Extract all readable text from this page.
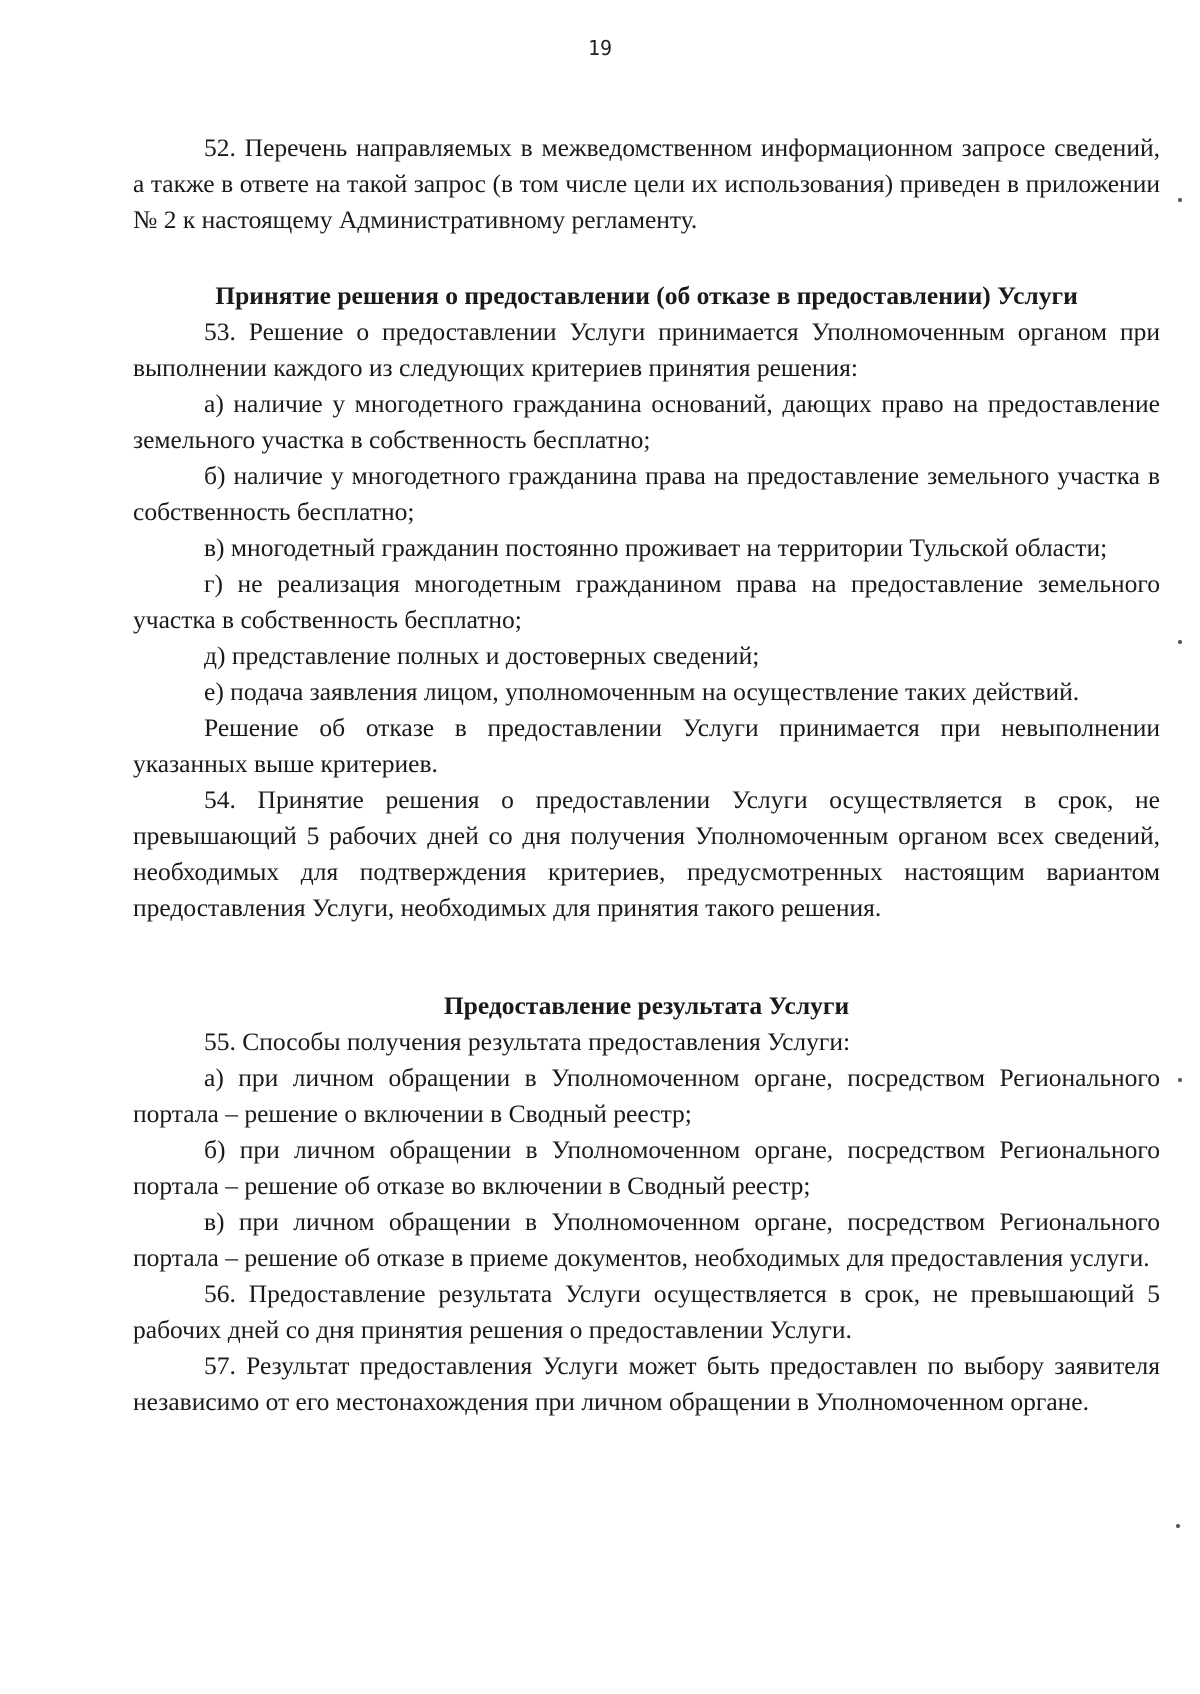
19

52. Перечень направляемых в межведомственном информационном запросе сведений, а также в ответе на такой запрос (в том числе цели их использования) приведен в приложении № 2 к настоящему Административному регламенту.

Принятие решения о предоставлении (об отказе в предоставлении) Услуги

53. Решение о предоставлении Услуги принимается Уполномоченным органом при выполнении каждого из следующих критериев принятия решения:

а) наличие у многодетного гражданина оснований, дающих право на предоставление земельного участка в собственность бесплатно;

б) наличие у многодетного гражданина права на предоставление земельного участка в собственность бесплатно;

в) многодетный гражданин постоянно проживает на территории Тульской области;

г) не реализация многодетным гражданином права на предоставление земельного участка в собственность бесплатно;

д) представление полных и достоверных сведений;

е) подача заявления лицом, уполномоченным на осуществление таких действий.

Решение об отказе в предоставлении Услуги принимается при невыполнении указанных выше критериев.

54. Принятие решения о предоставлении Услуги осуществляется в срок, не превышающий 5 рабочих дней со дня получения Уполномоченным органом всех сведений, необходимых для подтверждения критериев, предусмотренных настоящим вариантом предоставления Услуги, необходимых для принятия такого решения.

Предоставление результата Услуги

55. Способы получения результата предоставления Услуги:

а) при личном обращении в Уполномоченном органе, посредством Регионального портала – решение о включении в Сводный реестр;

б) при личном обращении в Уполномоченном органе, посредством Регионального портала – решение об отказе во включении в Сводный реестр;

в) при личном обращении в Уполномоченном органе, посредством Регионального портала – решение об отказе в приеме документов, необходимых для предоставления услуги.

56. Предоставление результата Услуги осуществляется в срок, не превышающий 5 рабочих дней со дня принятия решения о предоставлении Услуги.

57. Результат предоставления Услуги может быть предоставлен по выбору заявителя независимо от его местонахождения при личном обращении в Уполномоченном органе.
